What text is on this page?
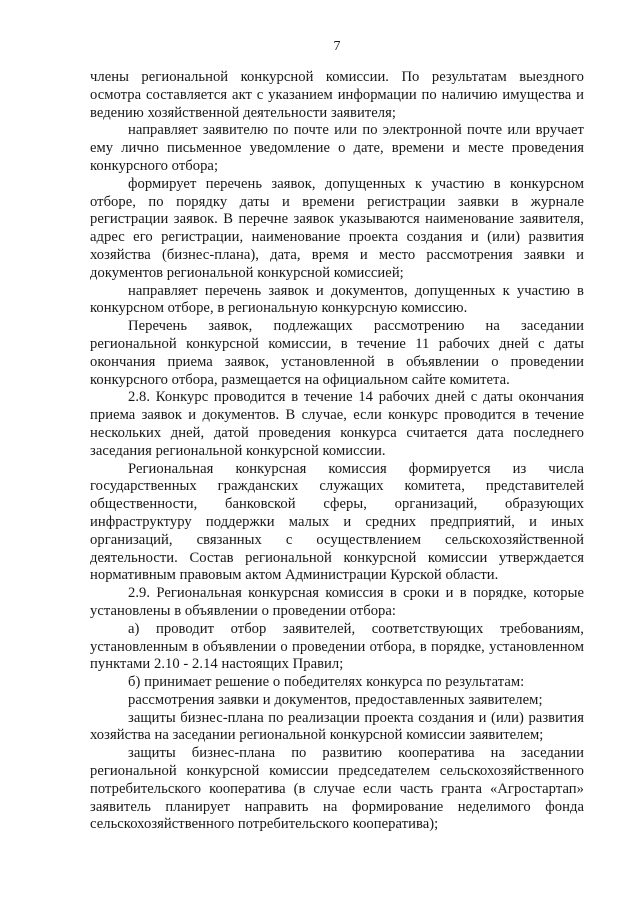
7

члены региональной конкурсной комиссии. По результатам выездного осмотра составляется акт с указанием информации по наличию имущества и ведению хозяйственной деятельности заявителя;

направляет заявителю по почте или по электронной почте или вручает ему лично письменное уведомление о дате, времени и месте проведения конкурсного отбора;

формирует перечень заявок, допущенных к участию в конкурсном отборе, по порядку даты и времени регистрации заявки в журнале регистрации заявок. В перечне заявок указываются наименование заявителя, адрес его регистрации, наименование проекта создания и (или) развития хозяйства (бизнес-плана), дата, время и место рассмотрения заявки и документов региональной конкурсной комиссией;

направляет перечень заявок и документов, допущенных к участию в конкурсном отборе, в региональную конкурсную комиссию.

Перечень заявок, подлежащих рассмотрению на заседании региональной конкурсной комиссии, в течение 11 рабочих дней с даты окончания приема заявок, установленной в объявлении о проведении конкурсного отбора, размещается на официальном сайте комитета.

2.8. Конкурс проводится в течение 14 рабочих дней с даты окончания приема заявок и документов. В случае, если конкурс проводится в течение нескольких дней, датой проведения конкурса считается дата последнего заседания региональной конкурсной комиссии.

Региональная конкурсная комиссия формируется из числа государственных гражданских служащих комитета, представителей общественности, банковской сферы, организаций, образующих инфраструктуру поддержки малых и средних предприятий, и иных организаций, связанных с осуществлением сельскохозяйственной деятельности. Состав региональной конкурсной комиссии утверждается нормативным правовым актом Администрации Курской области.

2.9. Региональная конкурсная комиссия в сроки и в порядке, которые установлены в объявлении о проведении отбора:

а) проводит отбор заявителей, соответствующих требованиям, установленным в объявлении о проведении отбора, в порядке, установленном пунктами 2.10 - 2.14 настоящих Правил;

б) принимает решение о победителях конкурса по результатам:

рассмотрения заявки и документов, предоставленных заявителем;

защиты бизнес-плана по реализации проекта создания и (или) развития хозяйства на заседании региональной конкурсной комиссии заявителем;

защиты бизнес-плана по развитию кооператива на заседании региональной конкурсной комиссии председателем сельскохозяйственного потребительского кооператива (в случае если часть гранта «Агростартап» заявитель планирует направить на формирование неделимого фонда сельскохозяйственного потребительского кооператива);
